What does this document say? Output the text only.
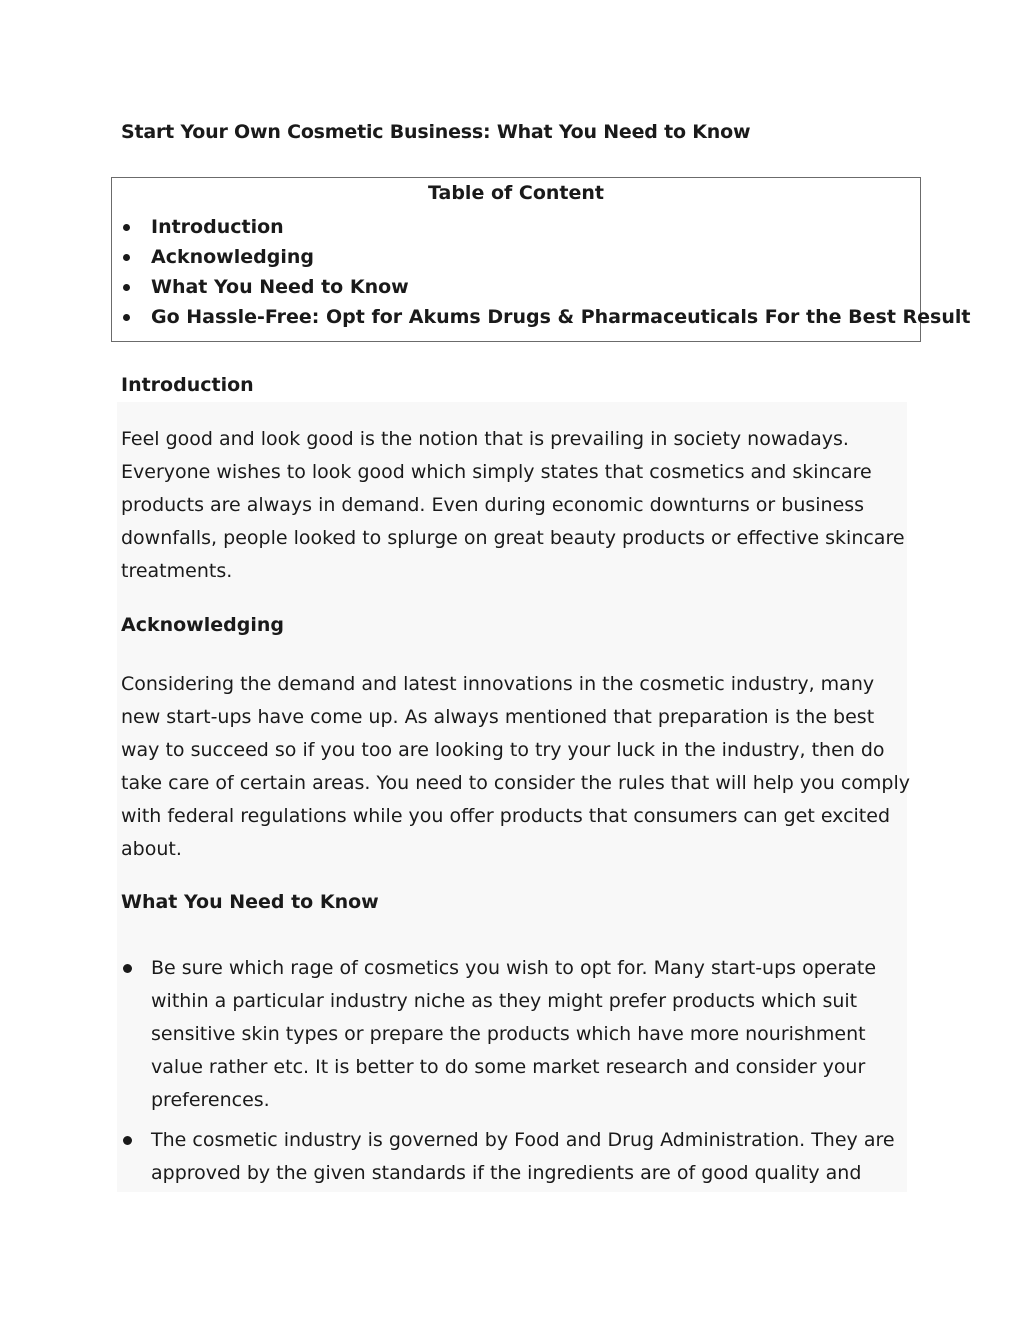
Start Your Own Cosmetic Business: What You Need to Know
Table of Content
Introduction
Acknowledging
What You Need to Know
Go Hassle-Free: Opt for Akums Drugs & Pharmaceuticals For the Best Result
Introduction

Feel good and look good is the notion that is prevailing in society nowadays. Everyone wishes to look good which simply states that cosmetics and skincare products are always in demand. Even during economic downturns or business downfalls, people looked to splurge on great beauty products or effective skincare treatments.

Acknowledging

Considering the demand and latest innovations in the cosmetic industry, many new start-ups have come up. As always mentioned that preparation is the best way to succeed so if you too are looking to try your luck in the industry, then do take care of certain areas. You need to consider the rules that will help you comply with federal regulations while you offer products that consumers can get excited about.

What You Need to Know
Be sure which rage of cosmetics you wish to opt for. Many start-ups operate within a particular industry niche as they might prefer products which suit sensitive skin types or prepare the products which have more nourishment value rather etc. It is better to do some market research and consider your preferences.
The cosmetic industry is governed by Food and Drug Administration. They are approved by the given standards if the ingredients are of good quality and
